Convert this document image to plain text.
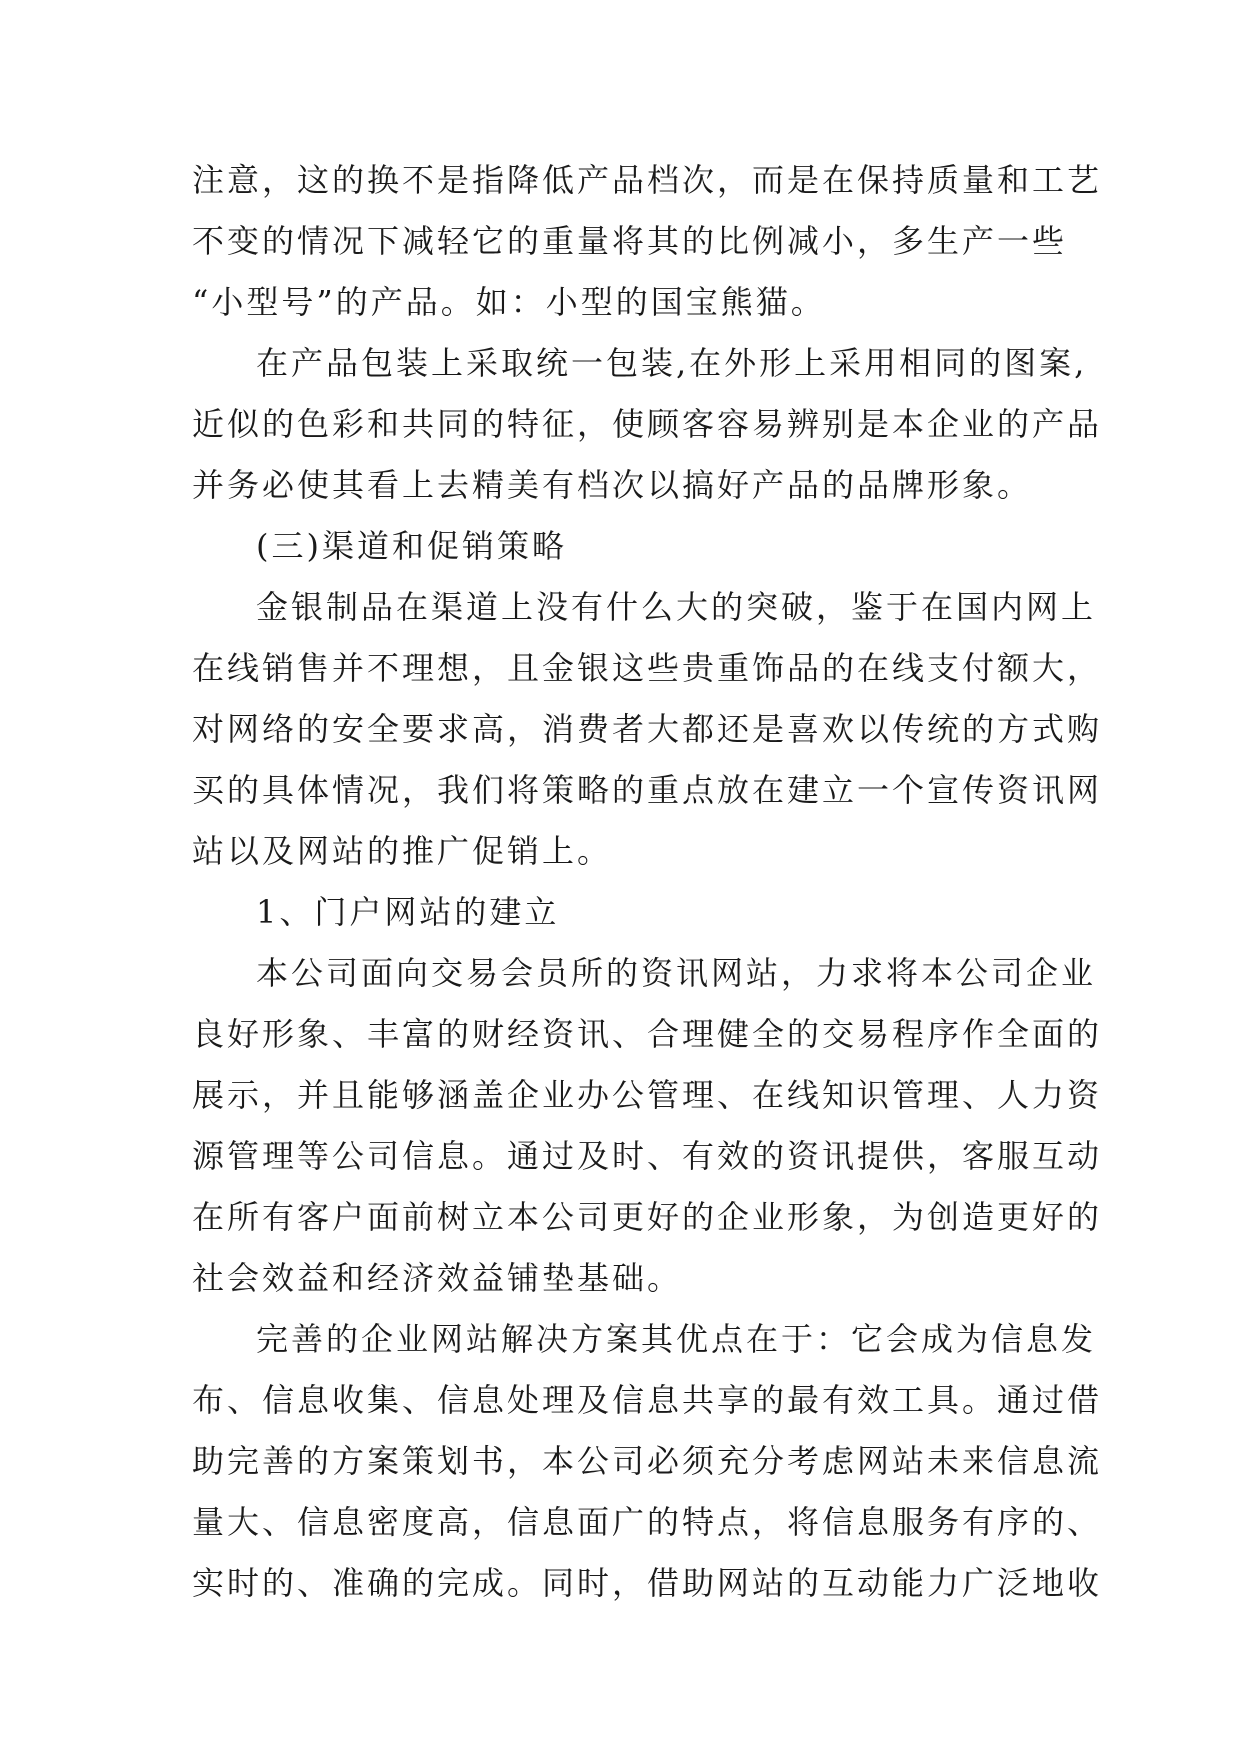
注意，这的换不是指降低产品档次，而是在保持质量和工艺
不变的情况下减轻它的重量将其的比例减小，多生产一些
“小型号”的产品。如：小型的国宝熊猫。
在产品包装上采取统一包装,在外形上采用相同的图案,
近似的色彩和共同的特征，使顾客容易辨别是本企业的产品
并务必使其看上去精美有档次以搞好产品的品牌形象。
(三)渠道和促销策略
金银制品在渠道上没有什么大的突破，鉴于在国内网上
在线销售并不理想，且金银这些贵重饰品的在线支付额大，
对网络的安全要求高，消费者大都还是喜欢以传统的方式购
买的具体情况，我们将策略的重点放在建立一个宣传资讯网
站以及网站的推广促销上。
1、门户网站的建立
本公司面向交易会员所的资讯网站，力求将本公司企业
良好形象、丰富的财经资讯、合理健全的交易程序作全面的
展示，并且能够涵盖企业办公管理、在线知识管理、人力资
源管理等公司信息。通过及时、有效的资讯提供，客服互动
在所有客户面前树立本公司更好的企业形象，为创造更好的
社会效益和经济效益铺垫基础。
完善的企业网站解决方案其优点在于：它会成为信息发
布、信息收集、信息处理及信息共享的最有效工具。通过借
助完善的方案策划书，本公司必须充分考虑网站未来信息流
量大、信息密度高，信息面广的特点，将信息服务有序的、
实时的、准确的完成。同时，借助网站的互动能力广泛地收
